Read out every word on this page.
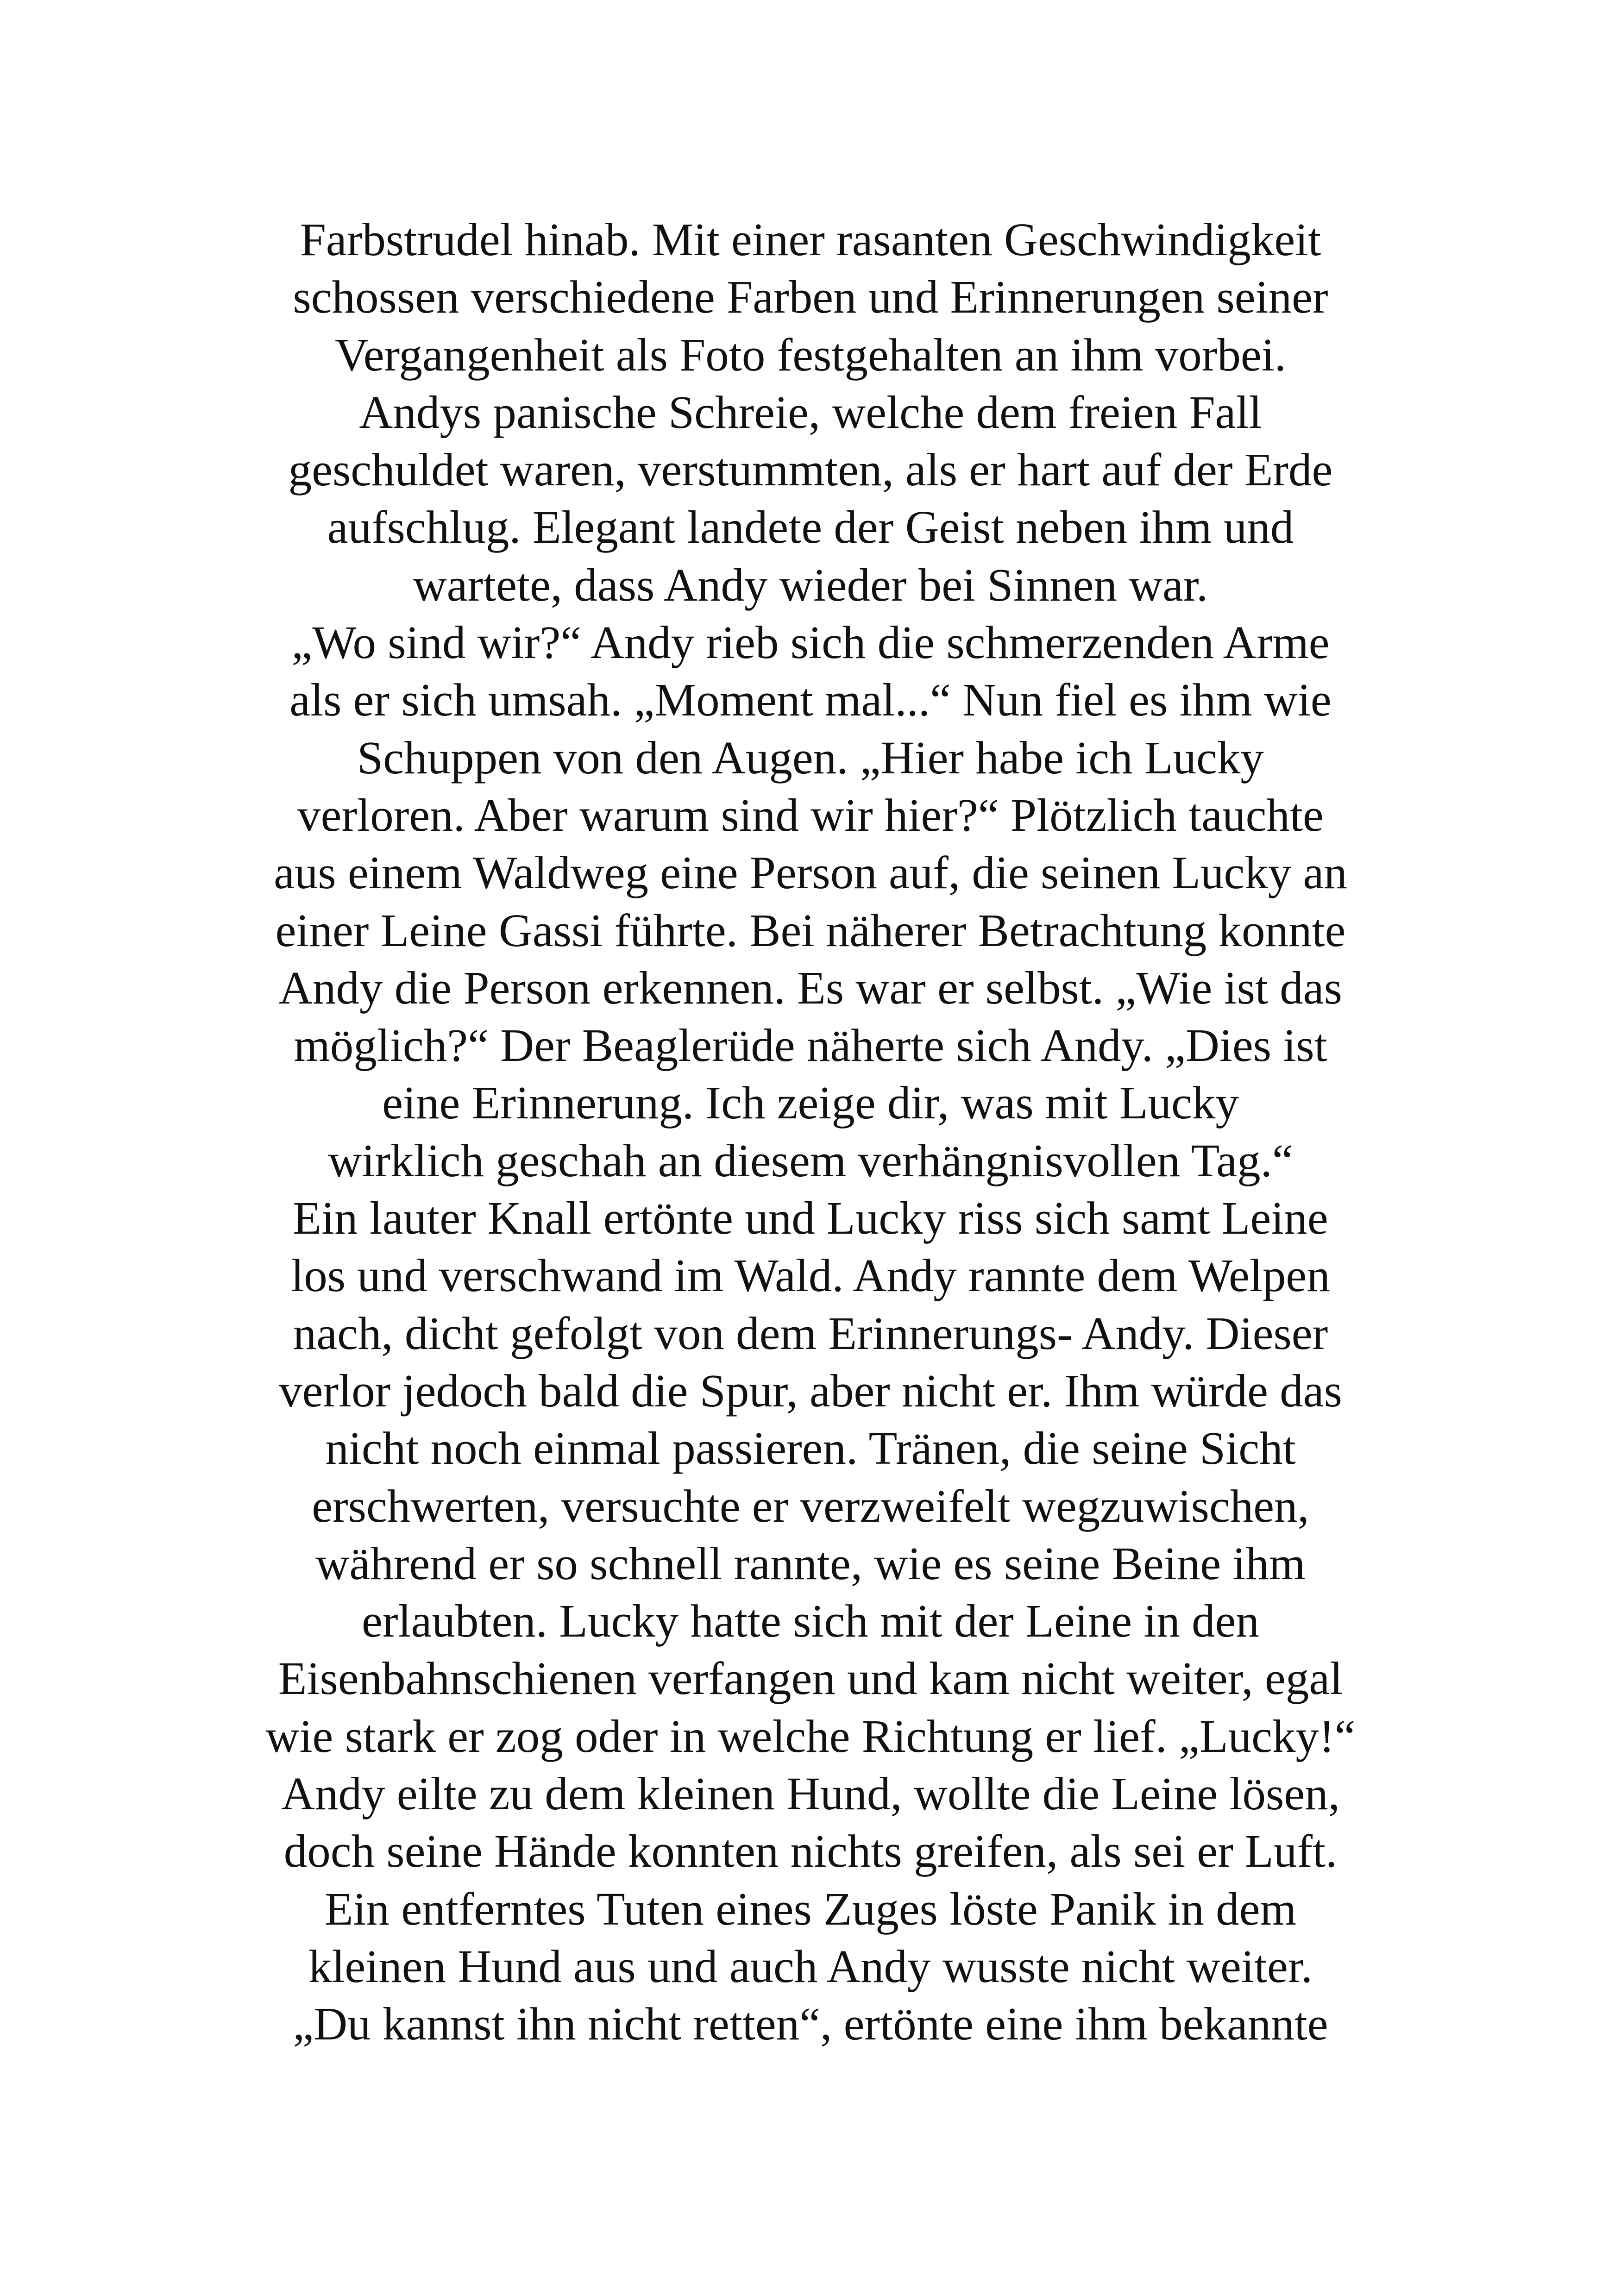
Farbstrudel hinab. Mit einer rasanten Geschwindigkeit
schossen verschiedene Farben und Erinnerungen seiner
Vergangenheit als Foto festgehalten an ihm vorbei.
Andys panische Schreie, welche dem freien Fall
geschuldet waren, verstummten, als er hart auf der Erde
aufschlug. Elegant landete der Geist neben ihm und
wartete, dass Andy wieder bei Sinnen war.
„Wo sind wir?“ Andy rieb sich die schmerzenden Arme
als er sich umsah. „Moment mal...“ Nun fiel es ihm wie
Schuppen von den Augen. „Hier habe ich Lucky
verloren. Aber warum sind wir hier?“ Plötzlich tauchte
aus einem Waldweg eine Person auf, die seinen Lucky an
einer Leine Gassi führte. Bei näherer Betrachtung konnte
Andy die Person erkennen. Es war er selbst. „Wie ist das
möglich?“ Der Beaglerüde näherte sich Andy. „Dies ist
eine Erinnerung. Ich zeige dir, was mit Lucky
wirklich geschah an diesem verhängnisvollen Tag.“
Ein lauter Knall ertönte und Lucky riss sich samt Leine
los und verschwand im Wald. Andy rannte dem Welpen
nach, dicht gefolgt von dem Erinnerungs- Andy. Dieser
verlor jedoch bald die Spur, aber nicht er. Ihm würde das
nicht noch einmal passieren. Tränen, die seine Sicht
erschwerten, versuchte er verzweifelt wegzuwischen,
während er so schnell rannte, wie es seine Beine ihm
erlaubten. Lucky hatte sich mit der Leine in den
Eisenbahnschienen verfangen und kam nicht weiter, egal
wie stark er zog oder in welche Richtung er lief. „Lucky!“
Andy eilte zu dem kleinen Hund, wollte die Leine lösen,
doch seine Hände konnten nichts greifen, als sei er Luft.
Ein entferntes Tuten eines Zuges löste Panik in dem
kleinen Hund aus und auch Andy wusste nicht weiter.
„Du kannst ihn nicht retten“, ertönte eine ihm bekannte
